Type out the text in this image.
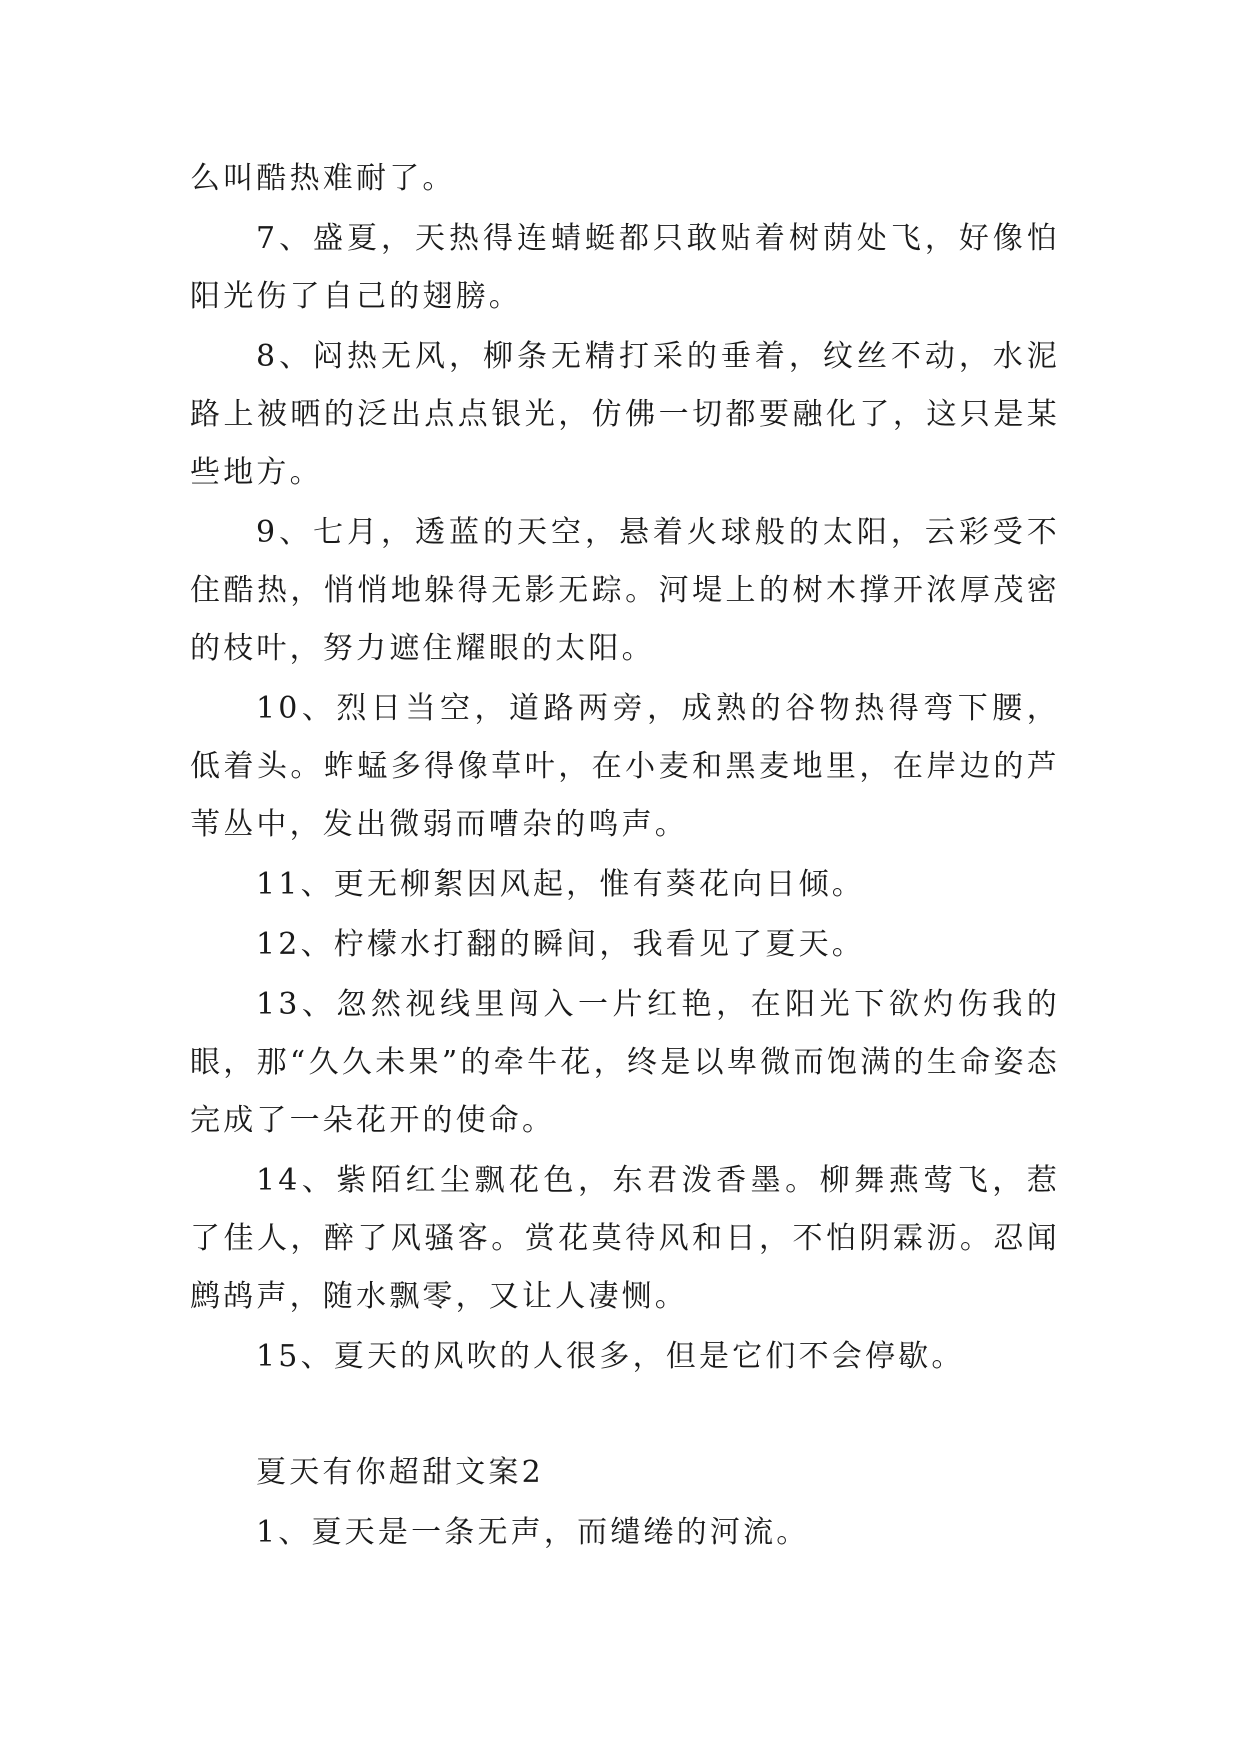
么叫酷热难耐了。

7、盛夏，天热得连蜻蜓都只敢贴着树荫处飞，好像怕阳光伤了自己的翅膀。

8、闷热无风，柳条无精打采的垂着，纹丝不动，水泥路上被晒的泛出点点银光，仿佛一切都要融化了，这只是某些地方。

9、七月，透蓝的天空，悬着火球般的太阳，云彩受不住酷热，悄悄地躲得无影无踪。河堤上的树木撑开浓厚茂密的枝叶，努力遮住耀眼的太阳。

10、烈日当空，道路两旁，成熟的谷物热得弯下腰，低着头。蚱蜢多得像草叶，在小麦和黑麦地里，在岸边的芦苇丛中，发出微弱而嘈杂的鸣声。

11、更无柳絮因风起，惟有葵花向日倾。

12、柠檬水打翻的瞬间，我看见了夏天。

13、忽然视线里闯入一片红艳，在阳光下欲灼伤我的眼，那“久久未果”的牵牛花，终是以卑微而饱满的生命姿态完成了一朵花开的使命。

14、紫陌红尘飘花色，东君泼香墨。柳舞燕莺飞，惹了佳人，醉了风骚客。赏花莫待风和日，不怕阴霖沥。忍闻鹧鸪声，随水飘零，又让人凄恻。

15、夏天的风吹的人很多，但是它们不会停歇。

夏天有你超甜文案2

1、夏天是一条无声，而缱绻的河流。
